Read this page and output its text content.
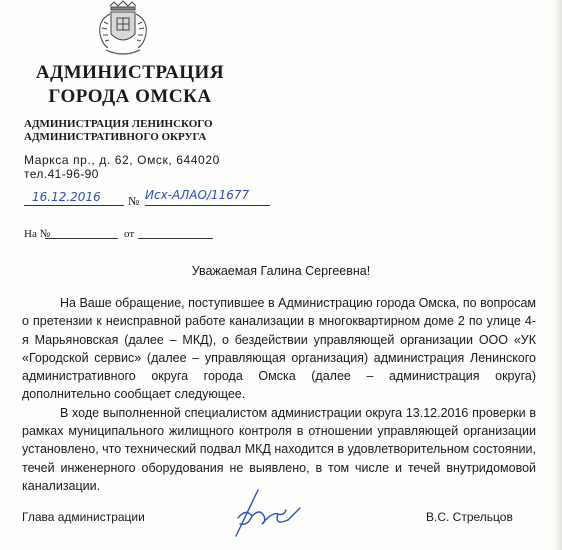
АДМИНИСТРАЦИЯ
ГОРОДА ОМСКА
АДМИНИСТРАЦИЯ ЛЕНИНСКОГО
АДМИНИСТРАТИВНОГО ОКРУГА
Маркса пр., д. 62, Омск, 644020
тел.41-96-90
16.12.2016 № Исх-АЛАО/11677
На №	от
Уважаемая Галина Сергеевна!

На Ваше обращение, поступившее в Администрацию города Омска, по вопросам о претензии к неисправной работе канализации в многоквартирном доме 2 по улице 4-я Марьяновская (далее – МКД), о бездействии управляющей организации ООО «УК «Городской сервис» (далее – управляющая организация) администрация Ленинского административного округа города Омска (далее – администрация округа) дополнительно сообщает следующее.

В ходе выполненной специалистом администрации округа 13.12.2016 проверки в рамках муниципального жилищного контроля в отношении управляющей организации установлено, что технический подвал МКД находится в удовлетворительном состоянии, течей инженерного оборудования не выявлено, в том числе и течей внутридомовой канализации.

Глава администрации	В.С. Стрельцов
